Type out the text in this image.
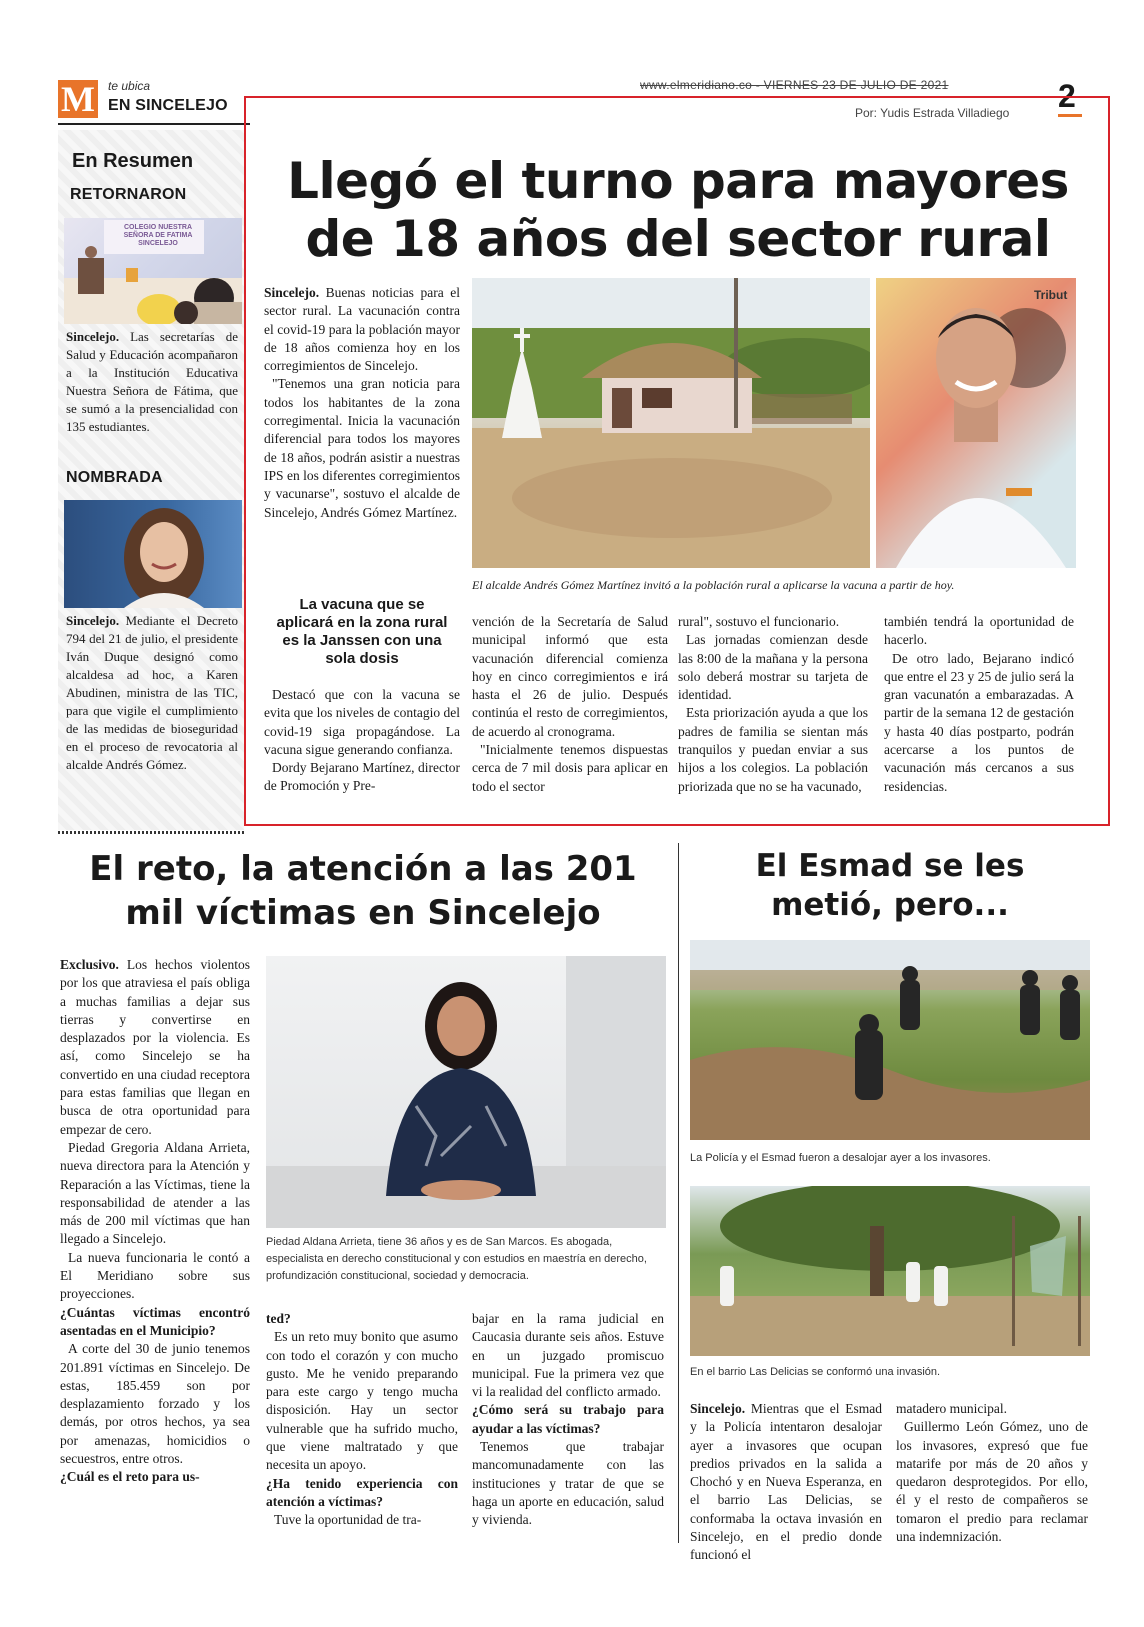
M te ubica
EN SINCELEJO
www.elmeridiano.co - VIERNES 23 DE JULIO DE 2021	2
En Resumen
RETORNARON
COLEGIO NUESTRA SEÑORA DE FATIMA SINCELEJO
Sincelejo. Las secretarías de Salud y Educación acompañaron a la Institución Educativa Nuestra Señora de Fátima, que se sumó a la presencialidad con 135 estudiantes.
NOMBRADA
Sincelejo. Mediante el Decreto 794 del 21 de julio, el presidente Iván Duque designó como alcaldesa ad hoc, a Karen Abudinen, ministra de las TIC, para que vigile el cumplimiento de las medidas de bioseguridad en el proceso de revocatoria al alcalde Andrés Gómez.
Por: Yudis Estrada Villadiego
Llegó el turno para mayores
de 18 años del sector rural
Sincelejo. Buenas noticias para el sector rural. La vacunación contra el covid-19 para la población mayor de 18 años comienza hoy en los corregimientos de Sincelejo.
"Tenemos una gran noticia para todos los habitantes de la zona corregimental. Inicia la vacunación diferencial para todos los mayores de 18 años, podrán asistir a nuestras IPS en los diferentes corregimientos y vacunarse", sostuvo el alcalde de Sincelejo, Andrés Gómez Martínez.
Tribut
El alcalde Andrés Gómez Martínez invitó a la población rural a aplicarse la vacuna a partir de hoy.
La vacuna que se aplicará en la zona rural es la Janssen con una sola dosis
Destacó que con la vacuna se evita que los niveles de contagio del covid-19 siga propagándose. La vacuna sigue generando confianza.
Dordy Bejarano Martínez, director de Promoción y Pre-
vención de la Secretaría de Salud municipal informó que esta vacunación diferencial comienza hoy en cinco corregimientos e irá hasta el 26 de julio. Después continúa el resto de corregimientos, de acuerdo al cronograma.
"Inicialmente tenemos dispuestas cerca de 7 mil dosis para aplicar en todo el sector
rural", sostuvo el funcionario.
Las jornadas comienzan desde las 8:00 de la mañana y la persona solo deberá mostrar su tarjeta de identidad.
Esta priorización ayuda a que los padres de familia se sientan más tranquilos y puedan enviar a sus hijos a los colegios. La población priorizada que no se ha vacunado,
también tendrá la oportunidad de hacerlo.
De otro lado, Bejarano indicó que entre el 23 y 25 de julio será la gran vacunatón a embarazadas. A partir de la semana 12 de gestación y hasta 40 días postparto, podrán acercarse a los puntos de vacunación más cercanos a sus residencias.
El reto, la atención a las 201
mil víctimas en Sincelejo
Exclusivo. Los hechos violentos por los que atraviesa el país obliga a muchas familias a dejar sus tierras y convertirse en desplazados por la violencia. Es así, como Sincelejo se ha convertido en una ciudad receptora para estas familias que llegan en busca de otra oportunidad para empezar de cero.
Piedad Gregoria Aldana Arrieta, nueva directora para la Atención y Reparación a las Víctimas, tiene la responsabilidad de atender a las más de 200 mil víctimas que han llegado a Sincelejo.
La nueva funcionaria le contó a El Meridiano sobre sus proyecciones.
¿Cuántas víctimas encontró asentadas en el Municipio?
A corte del 30 de junio tenemos 201.891 víctimas en Sincelejo. De estas, 185.459 son por desplazamiento forzado y los demás, por otros hechos, ya sea por amenazas, homicidios o secuestros, entre otros.
¿Cuál es el reto para us-
Piedad Aldana Arrieta, tiene 36 años y es de San Marcos. Es abogada, especialista en derecho constitucional y con estudios en maestría en derecho, profundización constitucional, sociedad y democracia.
ted?
Es un reto muy bonito que asumo con todo el corazón y con mucho gusto. Me he venido preparando para este cargo y tengo mucha disposición. Hay un sector vulnerable que ha sufrido mucho, que viene maltratado y que necesita un apoyo.
¿Ha tenido experiencia con atención a víctimas?
Tuve la oportunidad de tra-
bajar en la rama judicial en Caucasia durante seis años. Estuve en un juzgado promiscuo municipal. Fue la primera vez que vi la realidad del conflicto armado.
¿Cómo será su trabajo para ayudar a las víctimas?
Tenemos que trabajar mancomunadamente con las instituciones y tratar de que se haga un aporte en educación, salud y vivienda.
El Esmad se les
metió, pero...
La Policía y el Esmad fueron a desalojar ayer a los invasores.
En el barrio Las Delicias se conformó una invasión.
Sincelejo. Mientras que el Esmad y la Policía intentaron desalojar ayer a invasores que ocupan predios privados en la salida a Chochó y en Nueva Esperanza, en el barrio Las Delicias, se conformaba la octava invasión en Sincelejo, en el predio donde funcionó el
matadero municipal.
Guillermo León Gómez, uno de los invasores, expresó que fue matarife por más de 20 años y quedaron desprotegidos. Por ello, él y el resto de compañeros se tomaron el predio para reclamar una indemnización.
